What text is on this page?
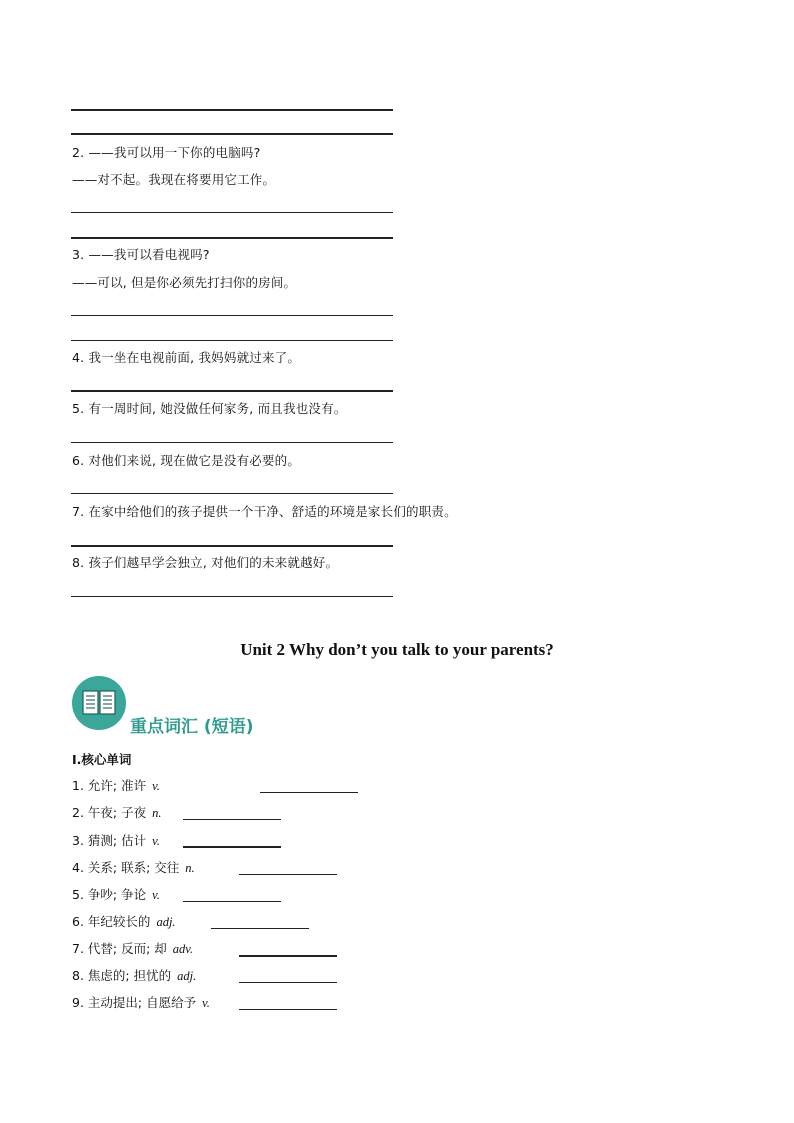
2. ——我可以用一下你的电脑吗?
——对不起。我现在将要用它工作。
3. ——我可以看电视吗?
——可以, 但是你必须先打扫你的房间。
4. 我一坐在电视前面, 我妈妈就过来了。
5. 有一周时间, 她没做任何家务, 而且我也没有。
6. 对他们来说, 现在做它是没有必要的。
7. 在家中给他们的孩子提供一个干净、舒适的环境是家长们的职责。
8. 孩子们越早学会独立, 对他们的未来就越好。
Unit 2 Why don’t you talk to your parents?
重点词汇 (短语)
I.核心单词
1. 允许; 准许 v.
2. 午夜; 子夜 n.
3. 猜测; 估计 v.
4. 关系; 联系; 交往 n.
5. 争吵; 争论 v.
6. 年纪较长的 adj.
7. 代替; 反而; 却 adv.
8. 焦虑的; 担忧的 adj.
9. 主动提出; 自愿给予 v.
